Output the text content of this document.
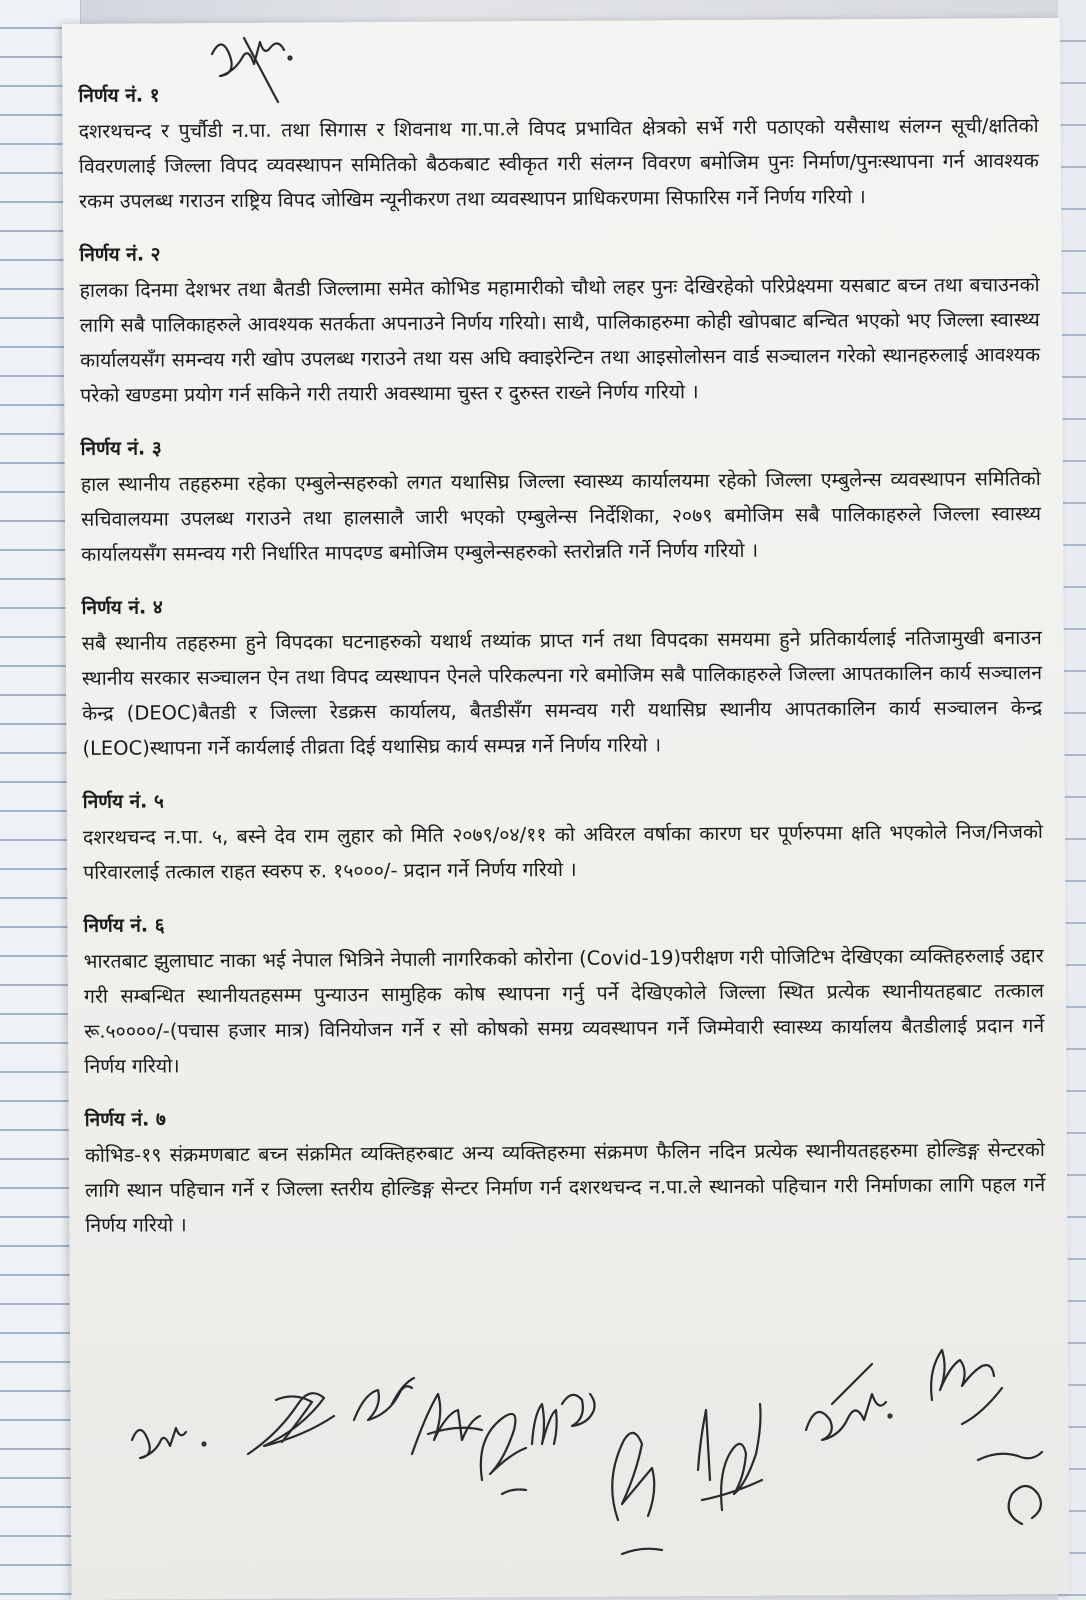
निर्णय नं. १

दशरथचन्द र पुर्चौडी न.पा. तथा सिगास र शिवनाथ गा.पा.ले विपद प्रभावित क्षेत्रको सर्भे गरी पठाएको यसैसाथ संलग्न सूची/क्षतिको विवरणलाई जिल्ला विपद व्यवस्थापन समितिको बैठकबाट स्वीकृत गरी संलग्न विवरण बमोजिम पुनः निर्माण/पुनःस्थापना गर्न आवश्यक रकम उपलब्ध गराउन राष्ट्रिय विपद जोखिम न्यूनीकरण तथा व्यवस्थापन प्राधिकरणमा सिफारिस गर्ने निर्णय गरियो ।

निर्णय नं. २

हालका दिनमा देशभर तथा बैतडी जिल्लामा समेत कोभिड महामारीको चौथो लहर पुनः देखिरहेको परिप्रेक्ष्यमा यसबाट बच्न तथा बचाउनको लागि सबै पालिकाहरुले आवश्यक सतर्कता अपनाउने निर्णय गरियो। साथै, पालिकाहरुमा कोही खोपबाट बन्चित भएको भए जिल्ला स्वास्थ्य कार्यालयसँग समन्वय गरी खोप उपलब्ध गराउने तथा यस अघि क्वाइरेन्टिन तथा आइसोलोसन वार्ड सञ्चालन गरेको स्थानहरुलाई आवश्यक परेको खण्डमा प्रयोग गर्न सकिने गरी तयारी अवस्थामा चुस्त र दुरुस्त राख्ने निर्णय गरियो ।

निर्णय नं. ३

हाल स्थानीय तहहरुमा रहेका एम्बुलेन्सहरुको लगत यथासिघ्र जिल्ला स्वास्थ्य कार्यालयमा रहेको जिल्ला एम्बुलेन्स व्यवस्थापन समितिको सचिवालयमा उपलब्ध गराउने तथा हालसालै जारी भएको एम्बुलेन्स निर्देशिका, २०७९ बमोजिम सबै पालिकाहरुले जिल्ला स्वास्थ्य कार्यालयसँग समन्वय गरी निर्धारित मापदण्ड बमोजिम एम्बुलेन्सहरुको स्तरोन्नति गर्ने निर्णय गरियो ।

निर्णय नं. ४

सबै स्थानीय तहहरुमा हुने विपदका घटनाहरुको यथार्थ तथ्यांक प्राप्त गर्न तथा विपदका समयमा हुने प्रतिकार्यलाई नतिजामुखी बनाउन स्थानीय सरकार सञ्चालन ऐन तथा विपद व्यस्थापन ऐनले परिकल्पना गरे बमोजिम सबै पालिकाहरुले जिल्ला आपतकालिन कार्य सञ्चालन केन्द्र (DEOC)बैतडी र जिल्ला रेडक्रस कार्यालय, बैतडीसँग समन्वय गरी यथासिघ्र स्थानीय आपतकालिन कार्य सञ्चालन केन्द्र (LEOC)स्थापना गर्ने कार्यलाई तीव्रता दिई यथासिघ्र कार्य सम्पन्न गर्ने निर्णय गरियो ।

निर्णय नं. ५

दशरथचन्द न.पा. ५, बस्ने देव राम लुहार को मिति २०७९/०४/११ को अविरल वर्षाका कारण घर पूर्णरुपमा क्षति भएकोले निज/निजको परिवारलाई तत्काल राहत स्वरुप रु. १५०००/- प्रदान गर्ने निर्णय गरियो ।

निर्णय नं. ६

भारतबाट झुलाघाट नाका भई नेपाल भित्रिने नेपाली नागरिकको कोरोना (Covid-19)परीक्षण गरी पोजिटिभ देखिएका व्यक्तिहरुलाई उद्दार गरी सम्बन्धित स्थानीयतहसम्म पुन्याउन सामुहिक कोष स्थापना गर्नु पर्ने देखिएकोले जिल्ला स्थित प्रत्येक स्थानीयतहबाट तत्काल रू.५००००/-(पचास हजार मात्र) विनियोजन गर्ने र सो कोषको समग्र व्यवस्थापन गर्ने जिम्मेवारी स्वास्थ्य कार्यालय बैतडीलाई प्रदान गर्ने निर्णय गरियो।

निर्णय नं. ७

कोभिड-१९ संक्रमणबाट बच्न संक्रमित व्यक्तिहरुबाट अन्य व्यक्तिहरुमा संक्रमण फैलिन नदिन प्रत्येक स्थानीयतहहरुमा होल्डिङ्ग सेन्टरको लागि स्थान पहिचान गर्ने र जिल्ला स्तरीय होल्डिङ्ग सेन्टर निर्माण गर्न दशरथचन्द न.पा.ले स्थानको पहिचान गरी निर्माणका लागि पहल गर्ने निर्णय गरियो ।
